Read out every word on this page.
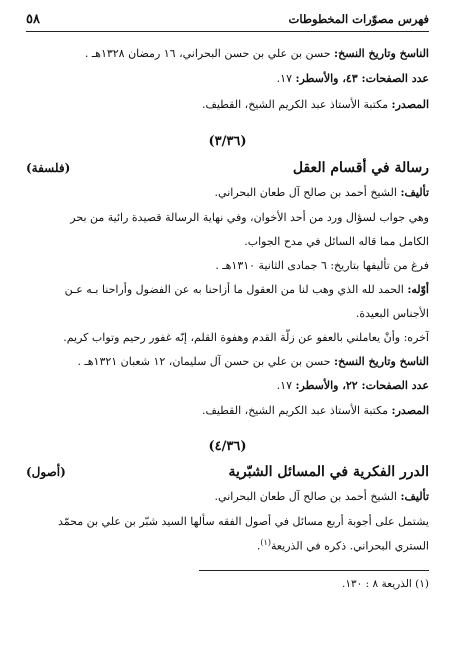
٥٨	فهرس مصوّرات المخطوطات
الناسخ وتاريخ النسخ: حسن بن علي بن حسن البحراني، ١٦ رمضان ١٣٢٨هـ .
عدد الصفحات: ٤٣، والأسطر: ١٧.
المصدر: مكتبة الأستاذ عبد الكريم الشيخ، القطيف.
(٣/٣٦)
رسالة في أقسام العقل
(فلسفة)
تأليف: الشيخ أحمد بن صالح آل طعان البحراني.
وهي جواب لسؤال ورد من أحد الأخوان، وفي نهاية الرسالة قصيدة رائية من بحر
الكامل مما قاله السائل في مدح الجواب.
فرغ من تأليفها بتاريخ: ٦ جمادى الثانية ١٣١٠هـ .
أوّله: الحمد لله الذي وهب لنا من العقول ما أزاحنا به عن الفضول وأراحنا بـه عـن
الأجناس البعيدة.
آخره: وأنْ يعاملني بالعفو عن زلّة القدم وهفوة القلم، إنّه غفور رحيم وتواب كريم.
الناسخ وتاريخ النسخ: حسن بن علي بن حسن آل سليمان، ١٢ شعبان ١٣٢١هـ .
عدد الصفحات: ٢٢، والأسطر: ١٧.
المصدر: مكتبة الأستاذ عبد الكريم الشيخ، القطيف.
(٤/٣٦)
الدرر الفكرية في المسائل الشبّرية
(أصول)
تأليف: الشيخ أحمد بن صالح آل طعان البحراني.
يشتمل على أجوبة أربع مسائل في أصول الفقه سألها السيد شبّر بن علي بن محمّد
الستري البحراني. ذكره في الذريعة$^{(١)}$.
(١) الذريعة ٨ : ١٣٠.
